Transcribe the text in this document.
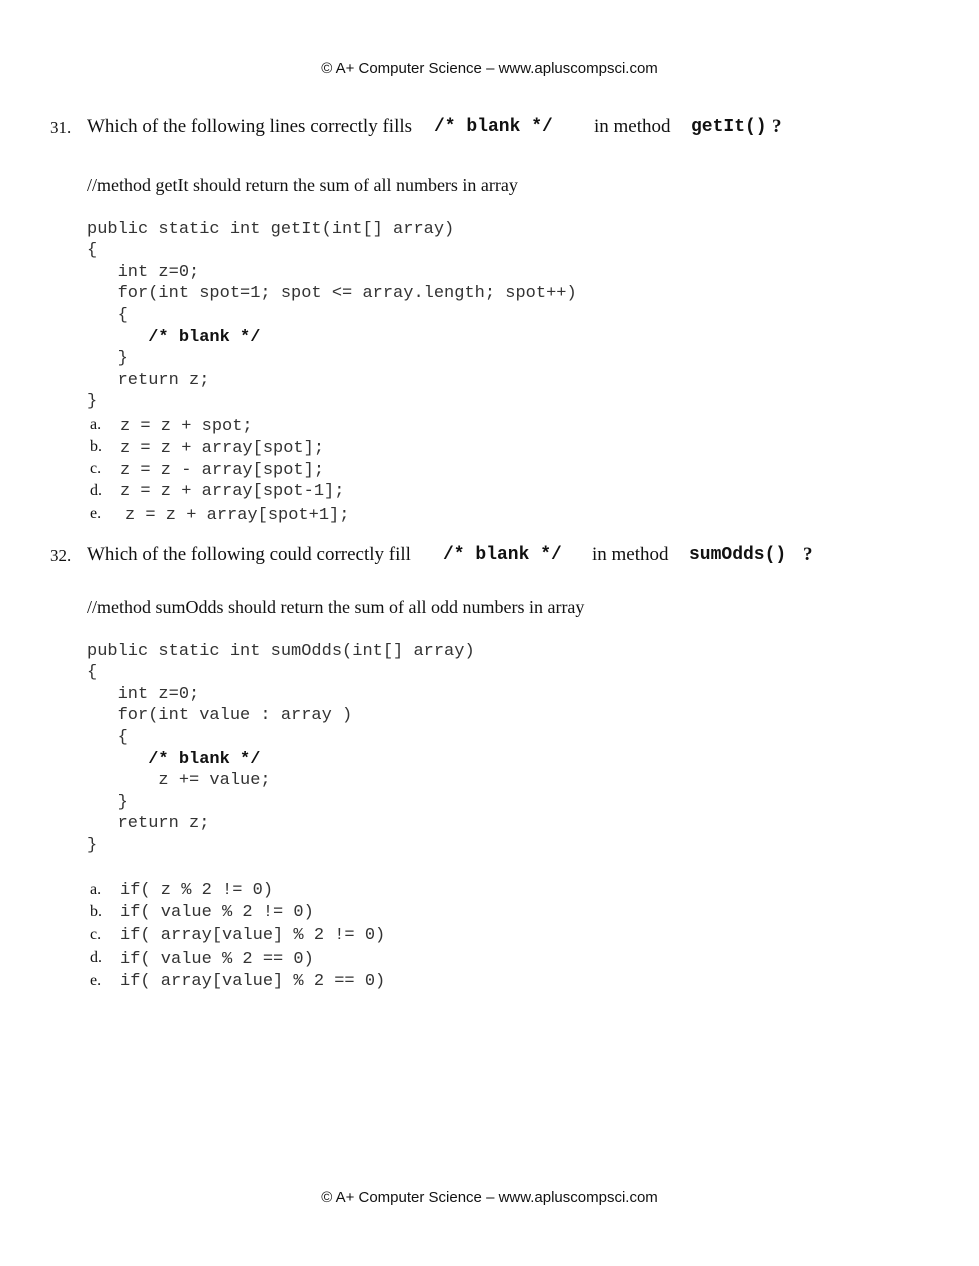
© A+ Computer Science – www.apluscompsci.com
31. Which of the following lines correctly fills /* blank */ in method getIt() ?
//method getIt should return the sum of all numbers in array

public static int getIt(int[] array)
{
int z=0;
for(int spot=1; spot <= array.length; spot++)
{
/* blank */
}
return z;
}

a. z = z + spot;
b. z = z + array[spot];
c. z = z - array[spot];
d. z = z + array[spot-1];
e. z = z + array[spot+1];
32. Which of the following could correctly fill /* blank */ in method sumOdds() ?
//method sumOdds should return the sum of all odd numbers in array

public static int sumOdds(int[] array)
{
int z=0;
for(int value : array )
{
/* blank */
z += value;
}
return z;
}

a. if( z % 2 != 0)
b. if( value % 2 != 0)
c. if( array[value] % 2 != 0)
d. if( value % 2 == 0)
e. if( array[value] % 2 == 0)
© A+ Computer Science – www.apluscompsci.com
